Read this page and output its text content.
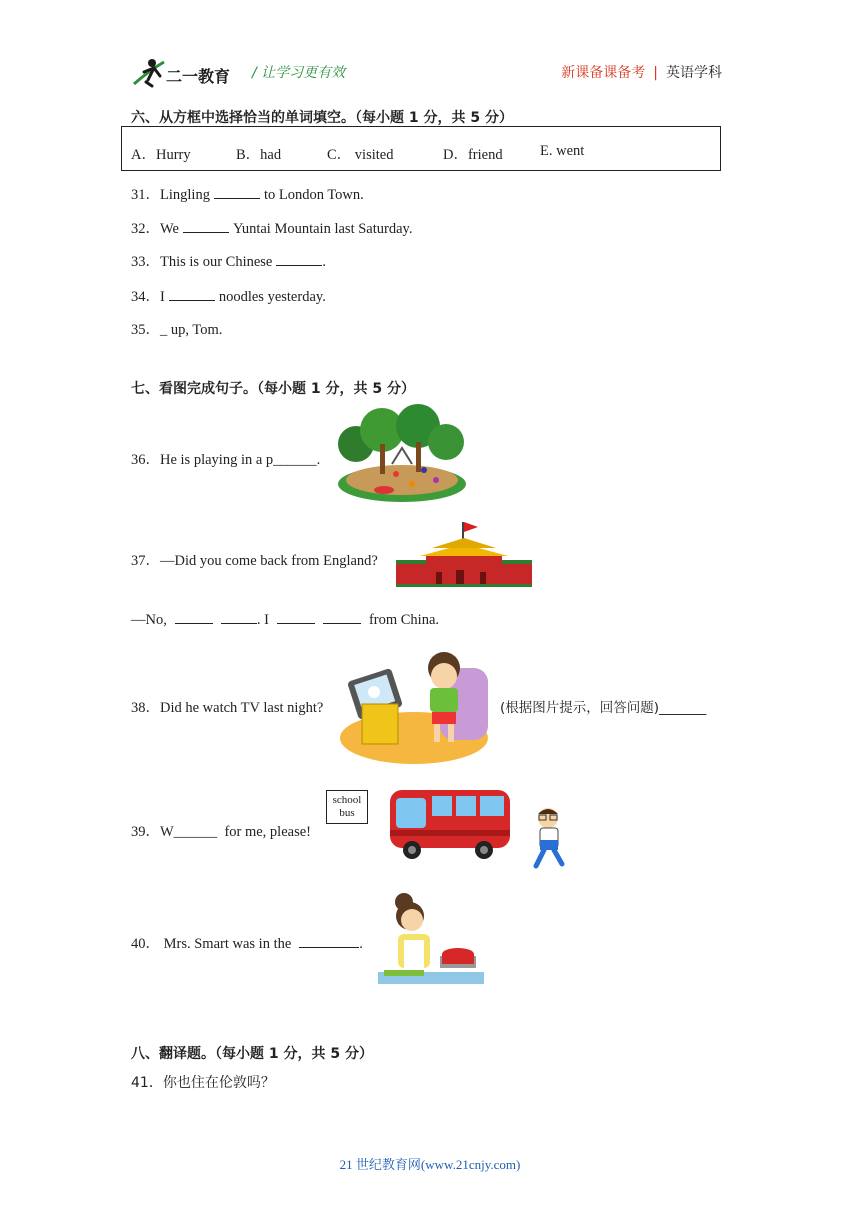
二一教育 / 让学习更有效	新课备课备考 | 英语学科
六、从方框中选择恰当的单词填空。（每小题 1 分，共 5 分）
A．Hurry	B．had	C． visited	D．friend	E. went
31．Lingling	to London Town.
32．We	Yuntai Mountain last Saturday.
33．This is our Chinese	.
34．I	noodles yesterday.
35．_ up, Tom.
七、看图完成句子。（每小题 1 分，共 5 分）
36．He is playing in a p______.
37．—Did you come back from England?
—No,	. I	from China.
38．Did he watch TV last night?	(根据图片提示，回答问题)_______
39．W______ for me, please!
school
bus
40． Mrs. Smart was in the	.
八、翻译题。（每小题 1 分，共 5 分）
41．你也住在伦敦吗？
21 世纪教育网(www.21cnjy.com)
